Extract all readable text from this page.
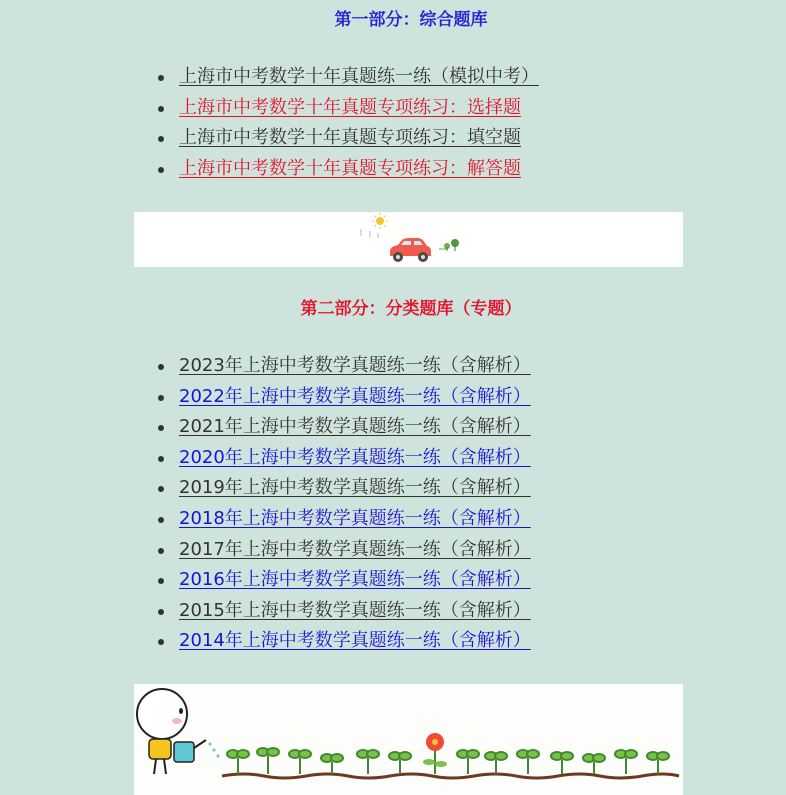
第一部分：综合题库
上海市中考数学十年真题练一练（模拟中考）
上海市中考数学十年真题专项练习：选择题
上海市中考数学十年真题专项练习：填空题
上海市中考数学十年真题专项练习：解答题
第二部分：分类题库（专题）
2023年上海中考数学真题练一练（含解析）
2022年上海中考数学真题练一练（含解析）
2021年上海中考数学真题练一练（含解析）
2020年上海中考数学真题练一练（含解析）
2019年上海中考数学真题练一练（含解析）
2018年上海中考数学真题练一练（含解析）
2017年上海中考数学真题练一练（含解析）
2016年上海中考数学真题练一练（含解析）
2015年上海中考数学真题练一练（含解析）
2014年上海中考数学真题练一练（含解析）
